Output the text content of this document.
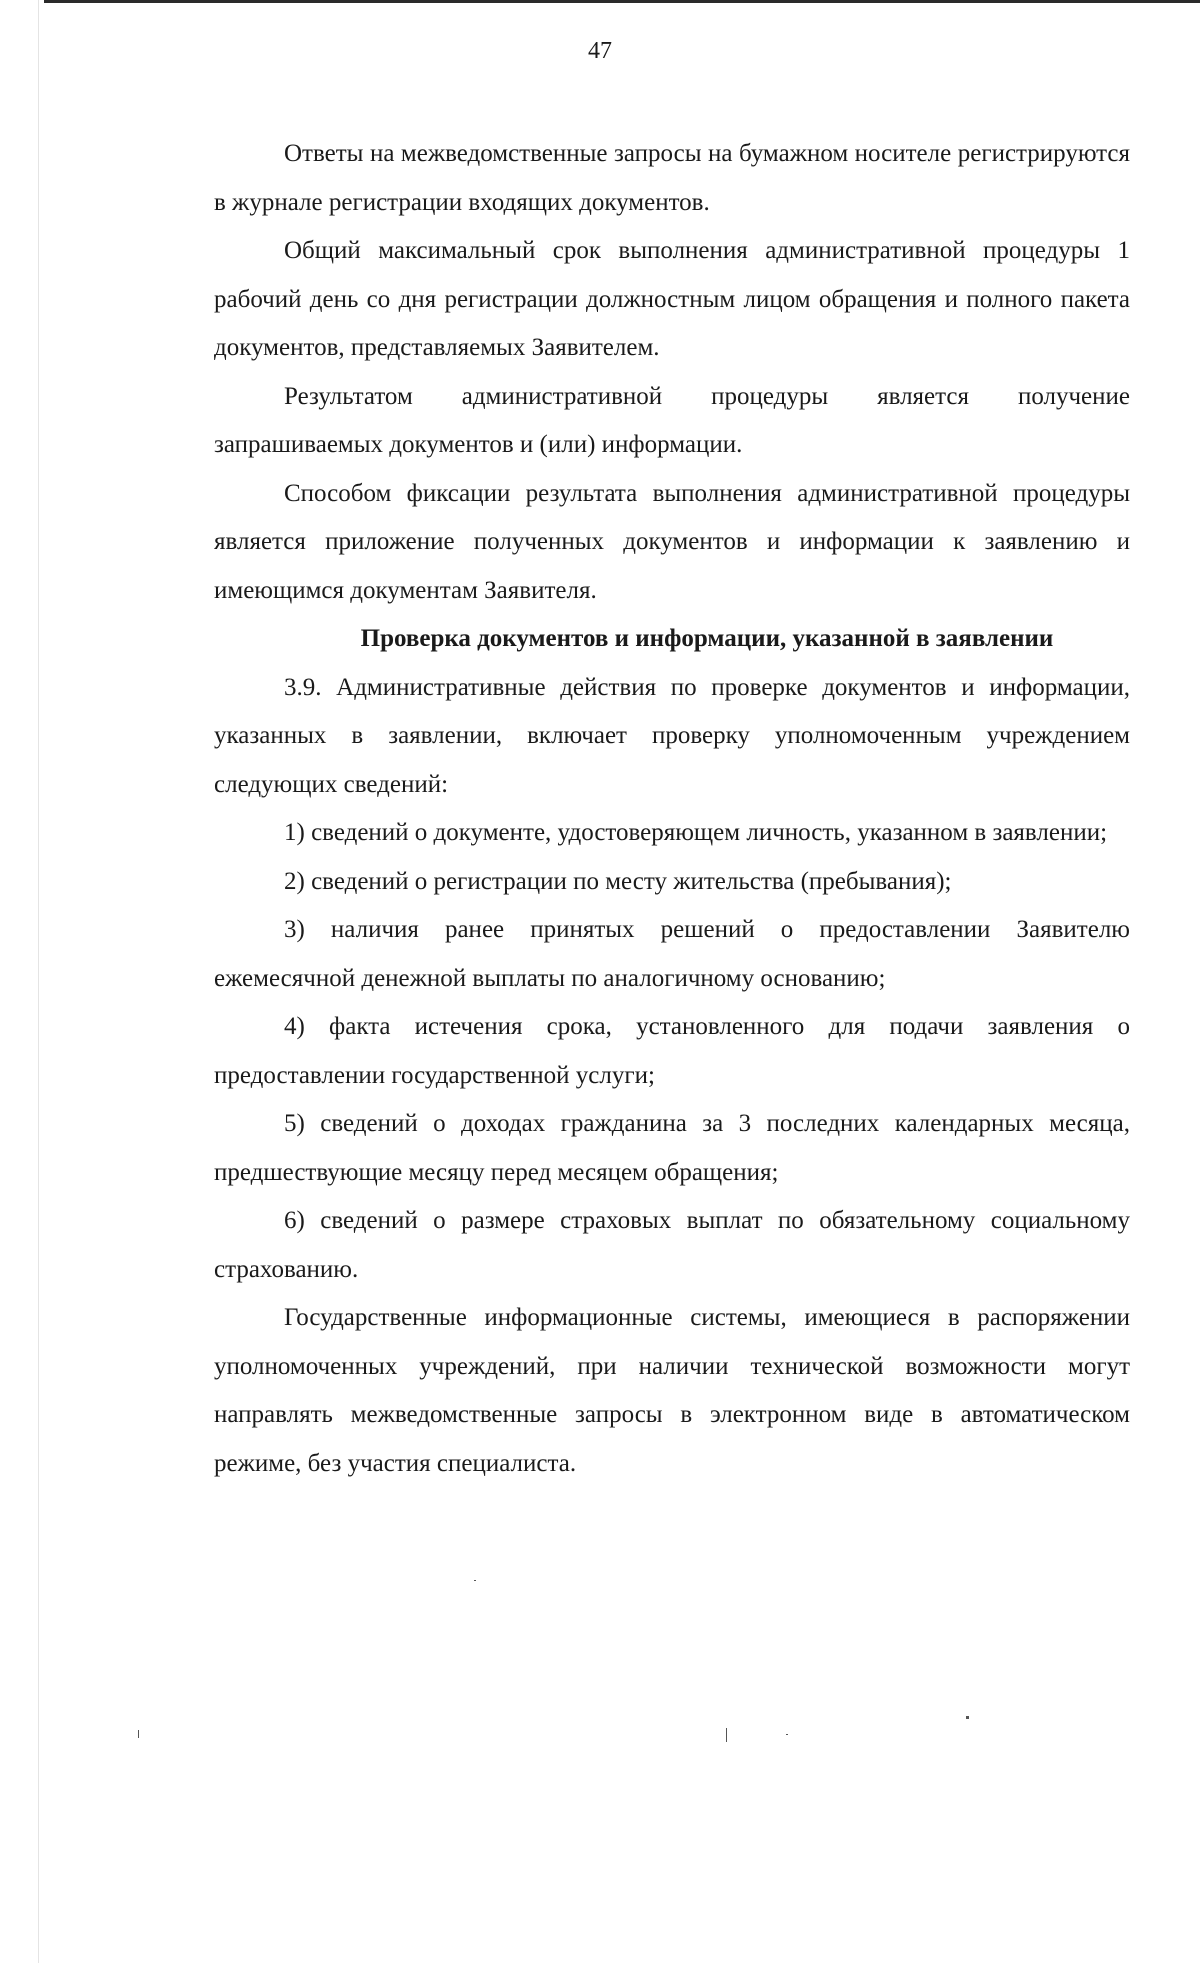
47

Ответы на межведомственные запросы на бумажном носителе регистрируются в журнале регистрации входящих документов.

Общий максимальный срок выполнения административной процедуры 1 рабочий день со дня регистрации должностным лицом обращения и полного пакета документов, представляемых Заявителем.

Результатом административной процедуры является получение запрашиваемых документов и (или) информации.

Способом фиксации результата выполнения административной процедуры является приложение полученных документов и информации к заявлению и имеющимся документам Заявителя.

Проверка документов и информации, указанной в заявлении

3.9. Административные действия по проверке документов и информации, указанных в заявлении, включает проверку уполномоченным учреждением следующих сведений:

1) сведений о документе, удостоверяющем личность, указанном в заявлении;

2) сведений о регистрации по месту жительства (пребывания);

3) наличия ранее принятых решений о предоставлении Заявителю ежемесячной денежной выплаты по аналогичному основанию;

4) факта истечения срока, установленного для подачи заявления о предоставлении государственной услуги;

5) сведений о доходах гражданина за 3 последних календарных месяца, предшествующие месяцу перед месяцем обращения;

6) сведений о размере страховых выплат по обязательному социальному страхованию.

Государственные информационные системы, имеющиеся в распоряжении уполномоченных учреждений, при наличии технической возможности могут направлять межведомственные запросы в электронном виде в автоматическом режиме, без участия специалиста.
